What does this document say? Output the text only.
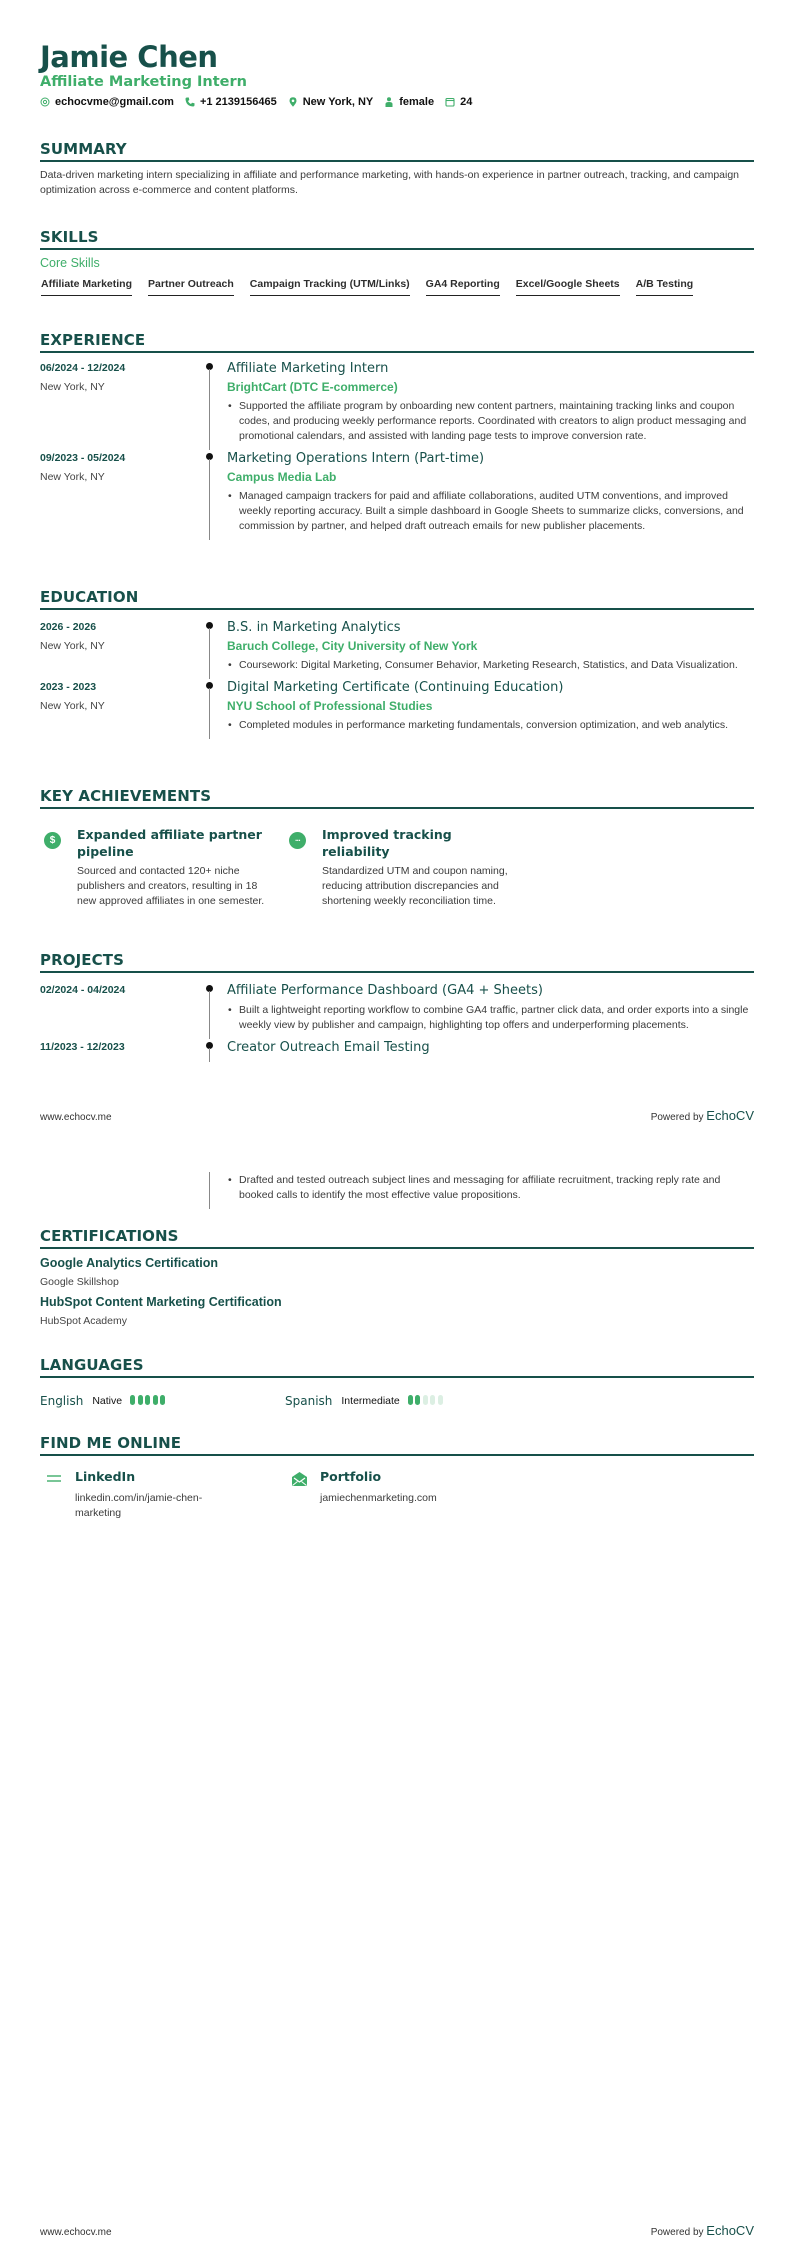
Jamie Chen
Affiliate Marketing Intern
echocvme@gmail.com +1 2139156465 New York, NY female 24
SUMMARY
Data-driven marketing intern specializing in affiliate and performance marketing, with hands-on experience in partner outreach, tracking, and campaign optimization across e-commerce and content platforms.
SKILLS
Core Skills
Affiliate Marketing Partner Outreach Campaign Tracking (UTM/Links) GA4 Reporting Excel/Google Sheets A/B Testing
EXPERIENCE
06/2024 - 12/2024
New York, NY
Affiliate Marketing Intern
BrightCart (DTC E-commerce)
• Supported the affiliate program by onboarding new content partners, maintaining tracking links and coupon codes, and producing weekly performance reports. Coordinated with creators to align product messaging and promotional calendars, and assisted with landing page tests to improve conversion rate.
09/2023 - 05/2024
New York, NY
Marketing Operations Intern (Part-time)
Campus Media Lab
• Managed campaign trackers for paid and affiliate collaborations, audited UTM conventions, and improved weekly reporting accuracy. Built a simple dashboard in Google Sheets to summarize clicks, conversions, and commission by partner, and helped draft outreach emails for new publisher placements.
EDUCATION
2026 - 2026
New York, NY
B.S. in Marketing Analytics
Baruch College, City University of New York
• Coursework: Digital Marketing, Consumer Behavior, Marketing Research, Statistics, and Data Visualization.
2023 - 2023
New York, NY
Digital Marketing Certificate (Continuing Education)
NYU School of Professional Studies
• Completed modules in performance marketing fundamentals, conversion optimization, and web analytics.
KEY ACHIEVEMENTS
$	Expanded affiliate partner pipeline
Sourced and contacted 120+ niche publishers and creators, resulting in 18 new approved affiliates in one semester.
···	Improved tracking reliability
Standardized UTM and coupon naming, reducing attribution discrepancies and shortening weekly reconciliation time.
PROJECTS
02/2024 - 04/2024	Affiliate Performance Dashboard (GA4 + Sheets)
• Built a lightweight reporting workflow to combine GA4 traffic, partner click data, and order exports into a single weekly view by publisher and campaign, highlighting top offers and underperforming placements.
11/2023 - 12/2023	Creator Outreach Email Testing
www.echocv.me	Powered by EchoCV
• Drafted and tested outreach subject lines and messaging for affiliate recruitment, tracking reply rate and booked calls to identify the most effective value propositions.
CERTIFICATIONS
Google Analytics Certification
Google Skillshop
HubSpot Content Marketing Certification
HubSpot Academy
LANGUAGES
English Native	Spanish Intermediate
FIND ME ONLINE
LinkedIn
linkedin.com/in/jamie-chen-marketing
Portfolio
jamiechenmarketing.com
www.echocv.me	Powered by EchoCV
